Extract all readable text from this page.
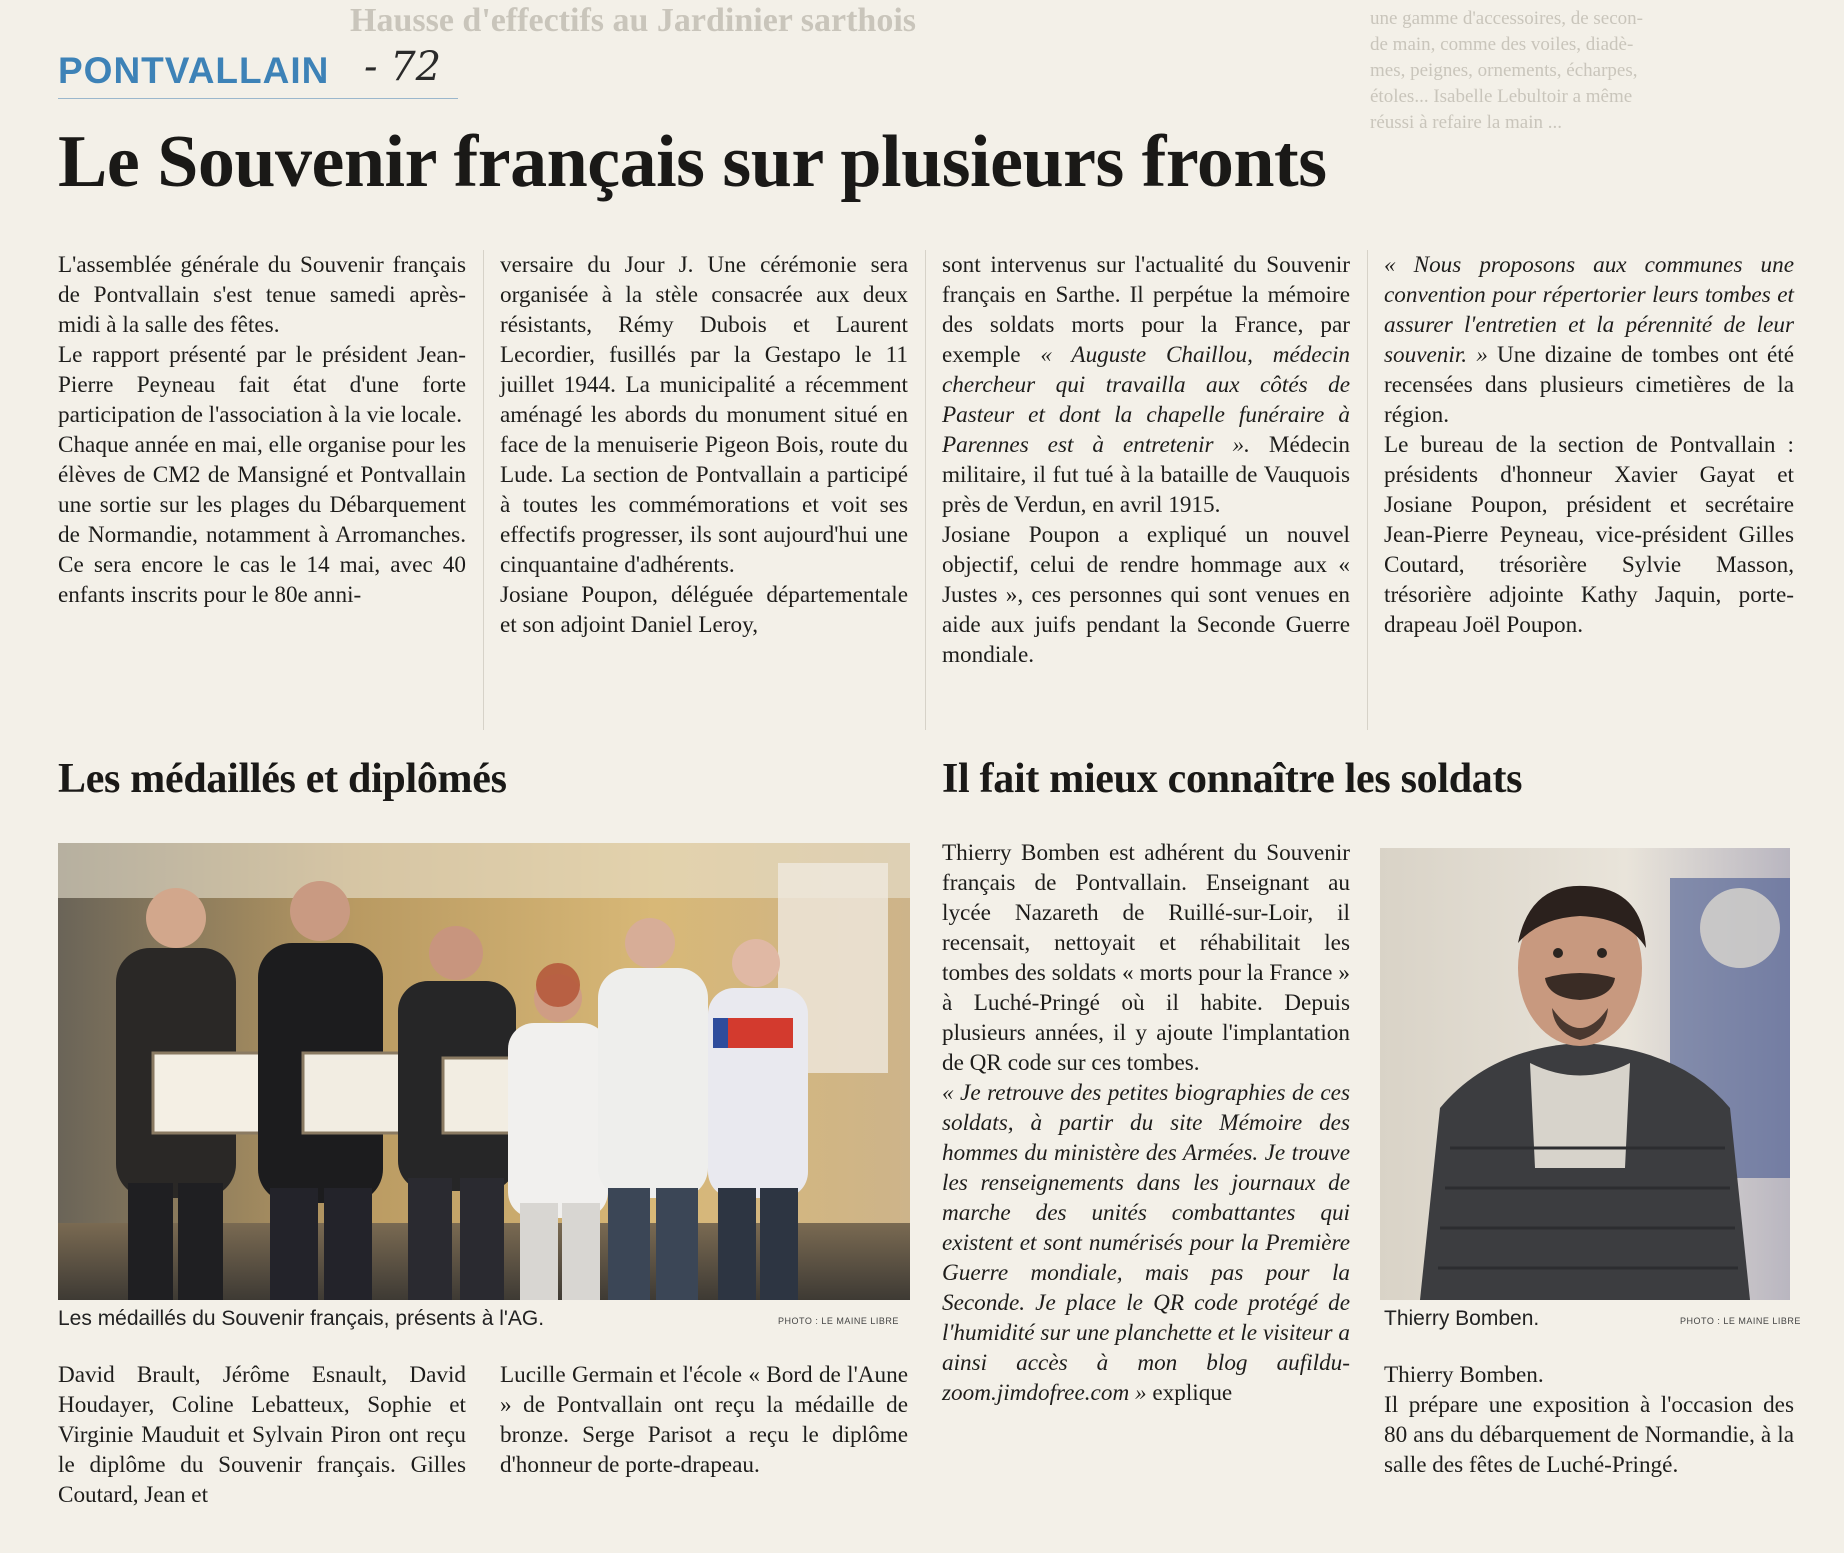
Hausse d'effectifs au Jardinier sarthois	une gamme d'accessoires, de secon-
de main, comme des voiles, diadè-
mes, peignes, ornements, écharpes,
étoles... Isabelle Lebultoir a même
réussi à refaire la main ...
PONTVALLAIN - 72
Le Souvenir français sur plusieurs fronts

L'assemblée générale du Souvenir français de Pontvallain s'est tenue samedi après-midi à la salle des fêtes.

Le rapport présenté par le président Jean-Pierre Peyneau fait état d'une forte participation de l'association à la vie locale.

Chaque année en mai, elle organise pour les élèves de CM2 de Mansigné et Pontvallain une sortie sur les plages du Débarquement de Normandie, notamment à Arromanches. Ce sera encore le cas le 14 mai, avec 40 enfants inscrits pour le 80e anni-

versaire du Jour J. Une cérémonie sera organisée à la stèle consacrée aux deux résistants, Rémy Dubois et Laurent Lecordier, fusillés par la Gestapo le 11 juillet 1944. La municipalité a récemment aménagé les abords du monument situé en face de la menuiserie Pigeon Bois, route du Lude. La section de Pontvallain a participé à toutes les commémorations et voit ses effectifs progresser, ils sont aujourd'hui une cinquantaine d'adhérents.

Josiane Poupon, déléguée départementale et son adjoint Daniel Leroy,

sont intervenus sur l'actualité du Souvenir français en Sarthe. Il perpétue la mémoire des soldats morts pour la France, par exemple « Auguste Chaillou, médecin chercheur qui travailla aux côtés de Pasteur et dont la chapelle funéraire à Parennes est à entretenir ». Médecin militaire, il fut tué à la bataille de Vauquois près de Verdun, en avril 1915.

Josiane Poupon a expliqué un nouvel objectif, celui de rendre hommage aux « Justes », ces personnes qui sont venues en aide aux juifs pendant la Seconde Guerre mondiale.

« Nous proposons aux communes une convention pour répertorier leurs tombes et assurer l'entretien et la pérennité de leur souvenir. » Une dizaine de tombes ont été recensées dans plusieurs cimetières de la région.

Le bureau de la section de Pontvallain : présidents d'honneur Xavier Gayat et Josiane Poupon, président et secrétaire Jean-Pierre Peyneau, vice-président Gilles Coutard, trésorière Sylvie Masson, trésorière adjointe Kathy Jaquin, porte-drapeau Joël Poupon.

Les médaillés et diplômés	Il fait mieux connaître les soldats
Les médaillés du Souvenir français, présents à l'AG.	PHOTO : LE MAINE LIBRE

David Brault, Jérôme Esnault, David Houdayer, Coline Lebatteux, Sophie et Virginie Mauduit et Sylvain Piron ont reçu le diplôme du Souvenir français. Gilles Coutard, Jean et

Lucille Germain et l'école « Bord de l'Aune » de Pontvallain ont reçu la médaille de bronze. Serge Parisot a reçu le diplôme d'honneur de porte-drapeau.

Thierry Bomben est adhérent du Souvenir français de Pontvallain. Enseignant au lycée Nazareth de Ruillé-sur-Loir, il recensait, nettoyait et réhabilitait les tombes des soldats « morts pour la France » à Luché-Pringé où il habite. Depuis plusieurs années, il y ajoute l'implantation de QR code sur ces tombes.

« Je retrouve des petites biographies de ces soldats, à partir du site Mémoire des hommes du ministère des Armées. Je trouve les renseignements dans les journaux de marche des unités combattantes qui existent et sont numérisés pour la Première Guerre mondiale, mais pas pour la Seconde. Je place le QR code protégé de l'humidité sur une planchette et le visiteur a ainsi accès à mon blog aufildu-zoom.jimdofree.com » explique

Thierry Bomben.	PHOTO : LE MAINE LIBRE

Thierry Bomben.

Il prépare une exposition à l'occasion des 80 ans du débarquement de Normandie, à la salle des fêtes de Luché-Pringé.
